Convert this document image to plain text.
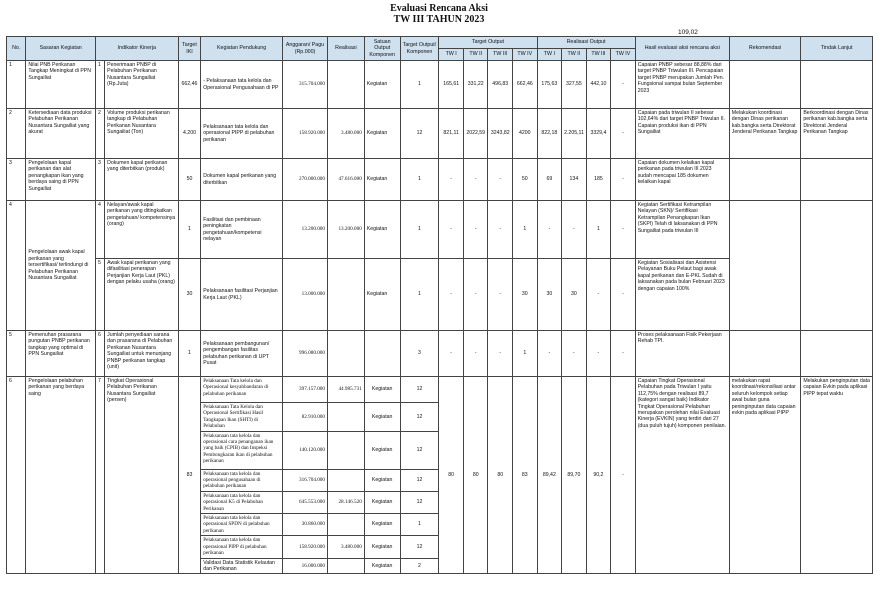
Evaluasi Rencana Aksi
TW III TAHUN 2023
109,02
No.	Sasaran Kegiatan	Indikator Kinerja		Target IKI	Kegiatan Pendukung	Anggaran/ Pagu (Rp.000)	Realisasi	Satuan Output Komponen	Target Output/ Komponen	Target Output				Realisasi Output				Hasil evaluasi aksi rencana aksi	Rekomendasi	Tindak Lanjut
										TW I	TW II	TW III	TW IV	TW I	TW II	TW III	TW IV			
1	Nilai PNB Perikanan Tangkap Meningkat di PPN Sungailiat	1	Penerimaan PNBP di Pelabuhan Perikanan Nusantara Sungailiat (Rp.Juta)	662,46	- Pelaksanaan tata kelola dan Operasional Pengusahaan di PP	315.704.000		Kegiatan	1	165,61	331,22	496,83	662,46	175,63	327,55	442,10	-	Capaian PNBP sebesar 88,88% dari target PNBP Triwulan III. Pencapaian target PNBP merupakan Jumlah Pen. Fungsional sampai bulan September 2023		
2	Ketersediaan data produksi Pelabuhan Perikanan Nusantara Sungailiat yang akurat	2	Volume produksi perikanan tangkap di Pelabuhan Perikanan Nusantara Sungailiat (Ton)	4.200	Pelaksanaan tata kelola dan operasional PIPP di pelabuhan perikanan	158.920.000	3.480.000	Kegiatan	12	821,11	2022,59	3243,82	4200	822,18	2.205,11	3329,4	-	Capaian pada triwulan II sebesar 102,64% dari target PNBP Triwulan II. Capaian produksi ikan di PPN Sungailiat	Melakukan koordinasi dengan Dinas perikanan kab.bangka serta Direktorat Jenderal Perikanan Tangkap	Berkoordinasi dengan Dinas perikanan kab.bangka serta Direktorat Jenderal Perikanan Tangkap
3	Pengelolaan kapal perikanan dan alat penangkapan ikan yang berdaya saing di PPN Sungailiat	3	Dokumen kapal perikanan yang diterbitkan (produk)	50	Dokumen kapal perikanan yang diterbitkan	270.000.000	47.616.000	Kegiatan	1	-	-	-	50	69	134	185	-	Capaian dokumen kelaikan kapal perikanan pada triwulan III 2023 sudah mencapai 185 dokumen kelaikan kapal		
4	Pengelolaan awak kapal perikanan yang tersertifikasi/ terlindungi di Pelabuhan Perikanan Nusantara Sungailiat	4	Nelayan/awak kapal perikanan yang ditingkatkan pengetahuan/ kompetensinya (orang)	1	Fasilitasi dan pembinaan peningkatan pengetahuan/kompetensi nelayan	13.200.000	13.200.000	Kegiatan	1	-	-	-	1	-	-	1	-	Kegiatan Sertifikasi Ketrampilan Nelayan (SKN)/ Sertifikasi Ketrampilan Penangkapan Ikan (SKPI) Telah di laksanakan di PPN Sungailiat pada triwulan III		
		5	Awak kapal perikanan yang difasilitasi penerapan Perjanjian Kerja Laut (PKL) dengan pelaku usaha (orang)	30	Pelaksanaan fasilitasi Perjanjian Kerja Laut (PKL)	13.000.000		Kegiatan	1	-	-	-	30	30	30	-	-	Kegiatan Sosialisasi dan Asistensi Pelayanan Buku Pelaut bagi awak kapal perikanan dan E-PKL Sudah di laksanakan pada bulan Februari 2023 dengan capaian 100%		
5	Pemenuhan prasarana pungutan PNBP perikanan tangkap yang optimal di PPN Sungailiat	6	Jumlah penyediaan sarana dan prasarana di Pelabuhan Perikanan Nusantara Sungailiat untuk menunjang PNBP perikanan tangkap (unit)	1	Pelaksanaan pembangunan/ pengembangan fasilitas pelabuhan perikanan di UPT Pusat	996.080.000			3	-	-	-	1	-	-	-	-	Proses pelaksanaan Fisik Pekerjaan Rehab TPI.		
6	Pengelolaan pelabuhan perikanan yang berdaya saing	7	Tingkat Operasional Pelabuhan Perikanan Nusantara Sungailiat (persen)	83	Pelaksanaan Tata kelola dan Operasional kesyahbandaran di pelabuhan perikanan	397.157.000	44.985.731	Kegiatan	12	80	80	80	83	89,42	89,70	90,2	-	Capaian Tingkat Operasional Pelabuhan pada Triwulan I yaitu 112,75% dengan realisasi 89,7 (kategori sangat baik) Indikator Tingkat Operasional Pelabuhan merupakan perolehan nilai Evaluasi Kinerja (EVKIN) yang terdiri dari 27 (dua puluh tujuh) komponen penilaian.	melakukan rapat koordinasi/rekonsiliasi antar seluruh kelompok setiap awal bulan guna peninginputan data capaian evkin pada aplikasi PIPP	Melakukan penginputan data capaian Evkin pada aplikasi PIPP tepat waktu
					Pelaksanaan Tata Kelola dan Operasional Sertifikasi Hasil Tangkapan Ikan (SHTI) di Pelabuhan	82.910.000		Kegiatan	12											
					Pelaksanaan tata kelola dan operasional cara penanganan ikan yang baik (CPIB) dan Inspeksi Pembongkaran ikan di pelabuhan perikanan	140.120.000		Kegiatan	12											
					Pelaksanaan tata kelola dan operasional pengusahaan di pelabuhan perikanan	316.704.000		Kegiatan	12											
					Pelaksanaan tata kelola dan operasional K5 di Pelabuhan Perikanan	645.553.000	28.146.520	Kegiatan	12											
					Pelaksanaan tata kelola dan operasional SPDN di pelabuhan perikanan	30.860.000		Kegiatan	1											
					Pelaksanaan tata kelola dan operasional PIPP di pelabuhan perikanan	158.920.000	3.480.000	Kegiatan	12											
					Validasi Data Statistik Kelautan dan Perikanan	16.000.000		Kegiatan	2											
